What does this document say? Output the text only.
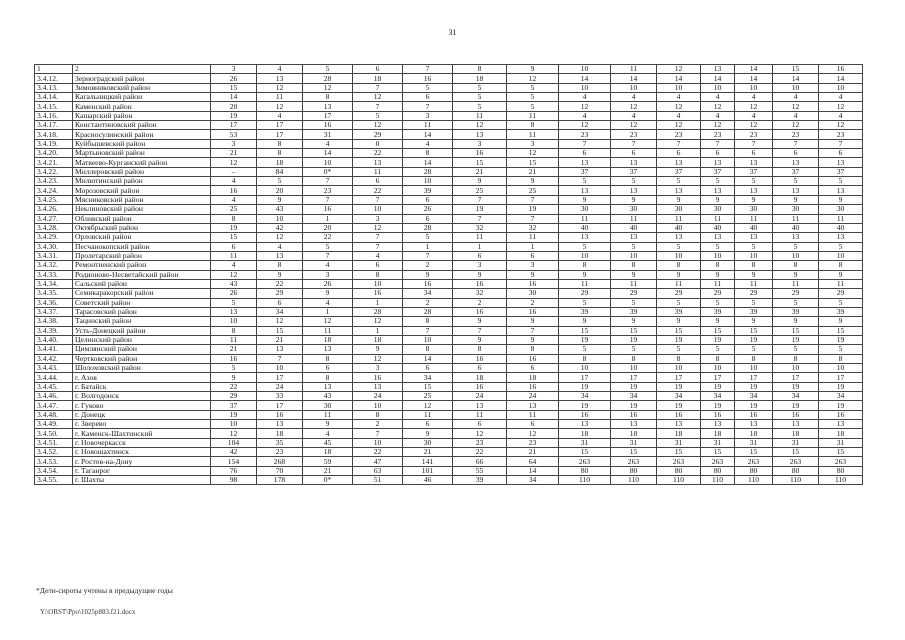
31
1	2	3	4	5	6	7	8	9	10	11	12	13	14	15	16
3.4.12.	Зерноградский район	26	13	28	18	16	18	12	14	14	14	14	14	14	14
3.4.13.	Зимовниковский район	15	12	12	7	5	5	5	10	10	10	10	10	10	10
3.4.14.	Кагальницкий район	14	11	8	12	6	5	5	4	4	4	4	4	4	4
3.4.15.	Каменский район	20	12	13	7	7	5	5	12	12	12	12	12	12	12
3.4.16.	Кашарский район	19	4	17	5	3	11	11	4	4	4	4	4	4	4
3.4.17.	Константиновский район	17	17	16	12	11	12	8	12	12	12	12	12	12	12
3.4.18.	Красносулинский район	53	17	31	29	14	13	11	23	23	23	23	23	23	23
3.4.19.	Куйбышевский район	3	8	4	0	4	3	3	7	7	7	7	7	7	7
3.4.20.	Мартыновский район	21	8	14	22	8	16	12	6	6	6	6	6	6	6
3.4.21.	Матвеево-Курганский район	12	18	10	13	14	15	15	13	13	13	13	13	13	13
3.4.22.	Миллеровский район	–	84	0*	11	28	21	21	37	37	37	37	37	37	37
3.4.23.	Милютинский район	4	5	7	6	10	9	9	5	5	5	5	5	5	5
3.4.24.	Морозовский район	16	20	23	22	39	25	25	13	13	13	13	13	13	13
3.4.25.	Мясниковский район	4	9	7	7	6	7	7	9	9	9	9	9	9	9
3.4.26.	Неклиновский район	25	43	16	10	26	19	19	30	30	30	30	30	30	30
3.4.27.	Обливский район	8	10	1	3	6	7	7	11	11	11	11	11	11	11
3.4.28.	Октябрьский район	19	42	20	12	28	32	32	40	40	40	40	40	40	40
3.4.29.	Орловский район	15	12	22	7	5	11	11	13	13	13	13	13	13	13
3.4.30.	Песчанокопский район	6	4	5	7	1	1	1	5	5	5	5	5	5	5
3.4.31.	Пролетарский район	11	13	7	4	7	6	6	10	10	10	10	10	10	10
3.4.32.	Ремонтненский район	4	8	4	6	2	3	3	8	8	8	8	8	8	8
3.4.33.	Родионово-Несветайский район	12	9	3	8	9	9	9	9	9	9	9	9	9	9
3.4.34.	Сальский район	43	22	26	10	16	16	16	11	11	11	11	11	11	11
3.4.35.	Семикаракорский район	26	29	9	16	34	32	30	29	29	29	29	29	29	29
3.4.36.	Советский район	5	6	4	1	2	2	2	5	5	5	5	5	5	5
3.4.37.	Тарасовский район	13	34	1	28	28	16	16	39	39	39	39	39	39	39
3.4.38.	Тацинский район	10	12	12	12	8	9	9	9	9	9	9	9	9	9
3.4.39.	Усть-Донецкий район	8	15	11	1	7	7	7	15	15	15	15	15	15	15
3.4.40.	Целинский район	11	21	18	18	10	9	9	19	19	19	19	19	19	19
3.4.41.	Цимлянский район	21	13	13	9	8	8	8	5	5	5	5	5	5	5
3.4.42.	Чертковский район	16	7	8	12	14	16	16	8	8	8	8	8	8	8
3.4.43.	Шолоховский район	5	10	6	3	6	6	6	10	10	10	10	10	10	10
3.4.44.	г. Азов	9	17	8	16	34	18	18	17	17	17	17	17	17	17
3.4.45.	г. Батайск	22	24	13	13	15	16	16	19	19	19	19	19	19	19
3.4.46.	г. Волгодонск	29	33	43	24	25	24	24	34	34	34	34	34	34	34
3.4.47.	г. Гуково	37	17	30	10	12	13	13	19	19	19	19	19	19	19
3.4.48.	г. Донецк	19	16	11	8	11	11	11	16	16	16	16	16	16	16
3.4.49.	г. Зверево	10	13	9	2	6	6	6	13	13	13	13	13	13	13
3.4.50.	г. Каменск-Шахтинский	12	18	4	7	9	12	12	18	18	18	18	18	18	18
3.4.51.	г. Новочеркасск	104	35	45	10	30	23	23	31	31	31	31	31	31	31
3.4.52.	г. Новошахтинск	42	23	18	22	21	22	21	15	15	15	15	15	15	15
3.4.53.	г. Ростов-на-Дону	154	268	59	47	141	66	64	263	263	263	263	263	263	263
3.4.54.	г. Таганрог	76	70	21	63	101	55	14	80	80	80	80	80	80	80
3.4.55.	г. Шахты	98	178	0*	51	46	39	34	110	110	110	110	110	110	110
*Дети-сироты учтены в предыдущие годы
Y:\ORST\Ppo\1025p883.f21.docx
